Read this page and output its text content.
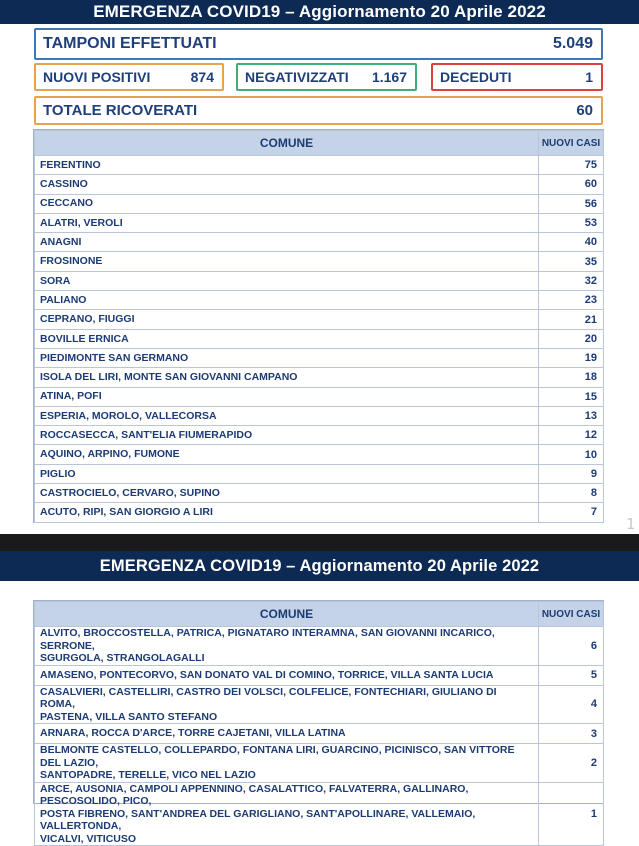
EMERGENZA COVID19 – Aggiornamento 20 Aprile 2022
TAMPONI EFFETTUATI	5.049
NUOVI POSITIVI	874 NEGATIVIZZATI 1.167 DECEDUTI	1
TOTALE RICOVERATI	60
COMUNE	NUOVI CASI
FERENTINO	75
CASSINO	60
CECCANO	56
ALATRI, VEROLI	53
ANAGNI	40
FROSINONE	35
SORA	32
PALIANO	23
CEPRANO, FIUGGI	21
BOVILLE ERNICA	20
PIEDIMONTE SAN GERMANO	19
ISOLA DEL LIRI, MONTE SAN GIOVANNI CAMPANO	18
ATINA, POFI	15
ESPERIA, MOROLO, VALLECORSA	13
ROCCASECCA, SANT'ELIA FIUMERAPIDO	12
AQUINO, ARPINO, FUMONE	10
PIGLIO	9
CASTROCIELO, CERVARO, SUPINO	8
ACUTO, RIPI, SAN GIORGIO A LIRI	7
1
EMERGENZA COVID19 – Aggiornamento 20 Aprile 2022
COMUNE	NUOVI CASI

ALVITO, BROCCOSTELLA, PATRICA, PIGNATARO INTERAMNA, SAN GIOVANNI INCARICO, SERRONE,
SGURGOLA, STRANGOLAGALLI	6

AMASENO, PONTECORVO, SAN DONATO VAL DI COMINO, TORRICE, VILLA SANTA LUCIA	5

CASALVIERI, CASTELLIRI, CASTRO DEI VOLSCI, COLFELICE, FONTECHIARI, GIULIANO DI ROMA,
PASTENA, VILLA SANTO STEFANO	4

ARNARA, ROCCA D'ARCE, TORRE CAJETANI, VILLA LATINA	3

BELMONTE CASTELLO, COLLEPARDO, FONTANA LIRI, GUARCINO, PICINISCO, SAN VITTORE DEL LAZIO,
SANTOPADRE, TERELLE, VICO NEL LAZIO	2

ARCE, AUSONIA, CAMPOLI APPENNINO, CASALATTICO, FALVATERRA, GALLINARO, PESCOSOLIDO, PICO,
POSTA FIBRENO, SANT'ANDREA DEL GARIGLIANO, SANT'APOLLINARE, VALLEMAIO, VALLERTONDA,
VICALVI, VITICUSO	1
